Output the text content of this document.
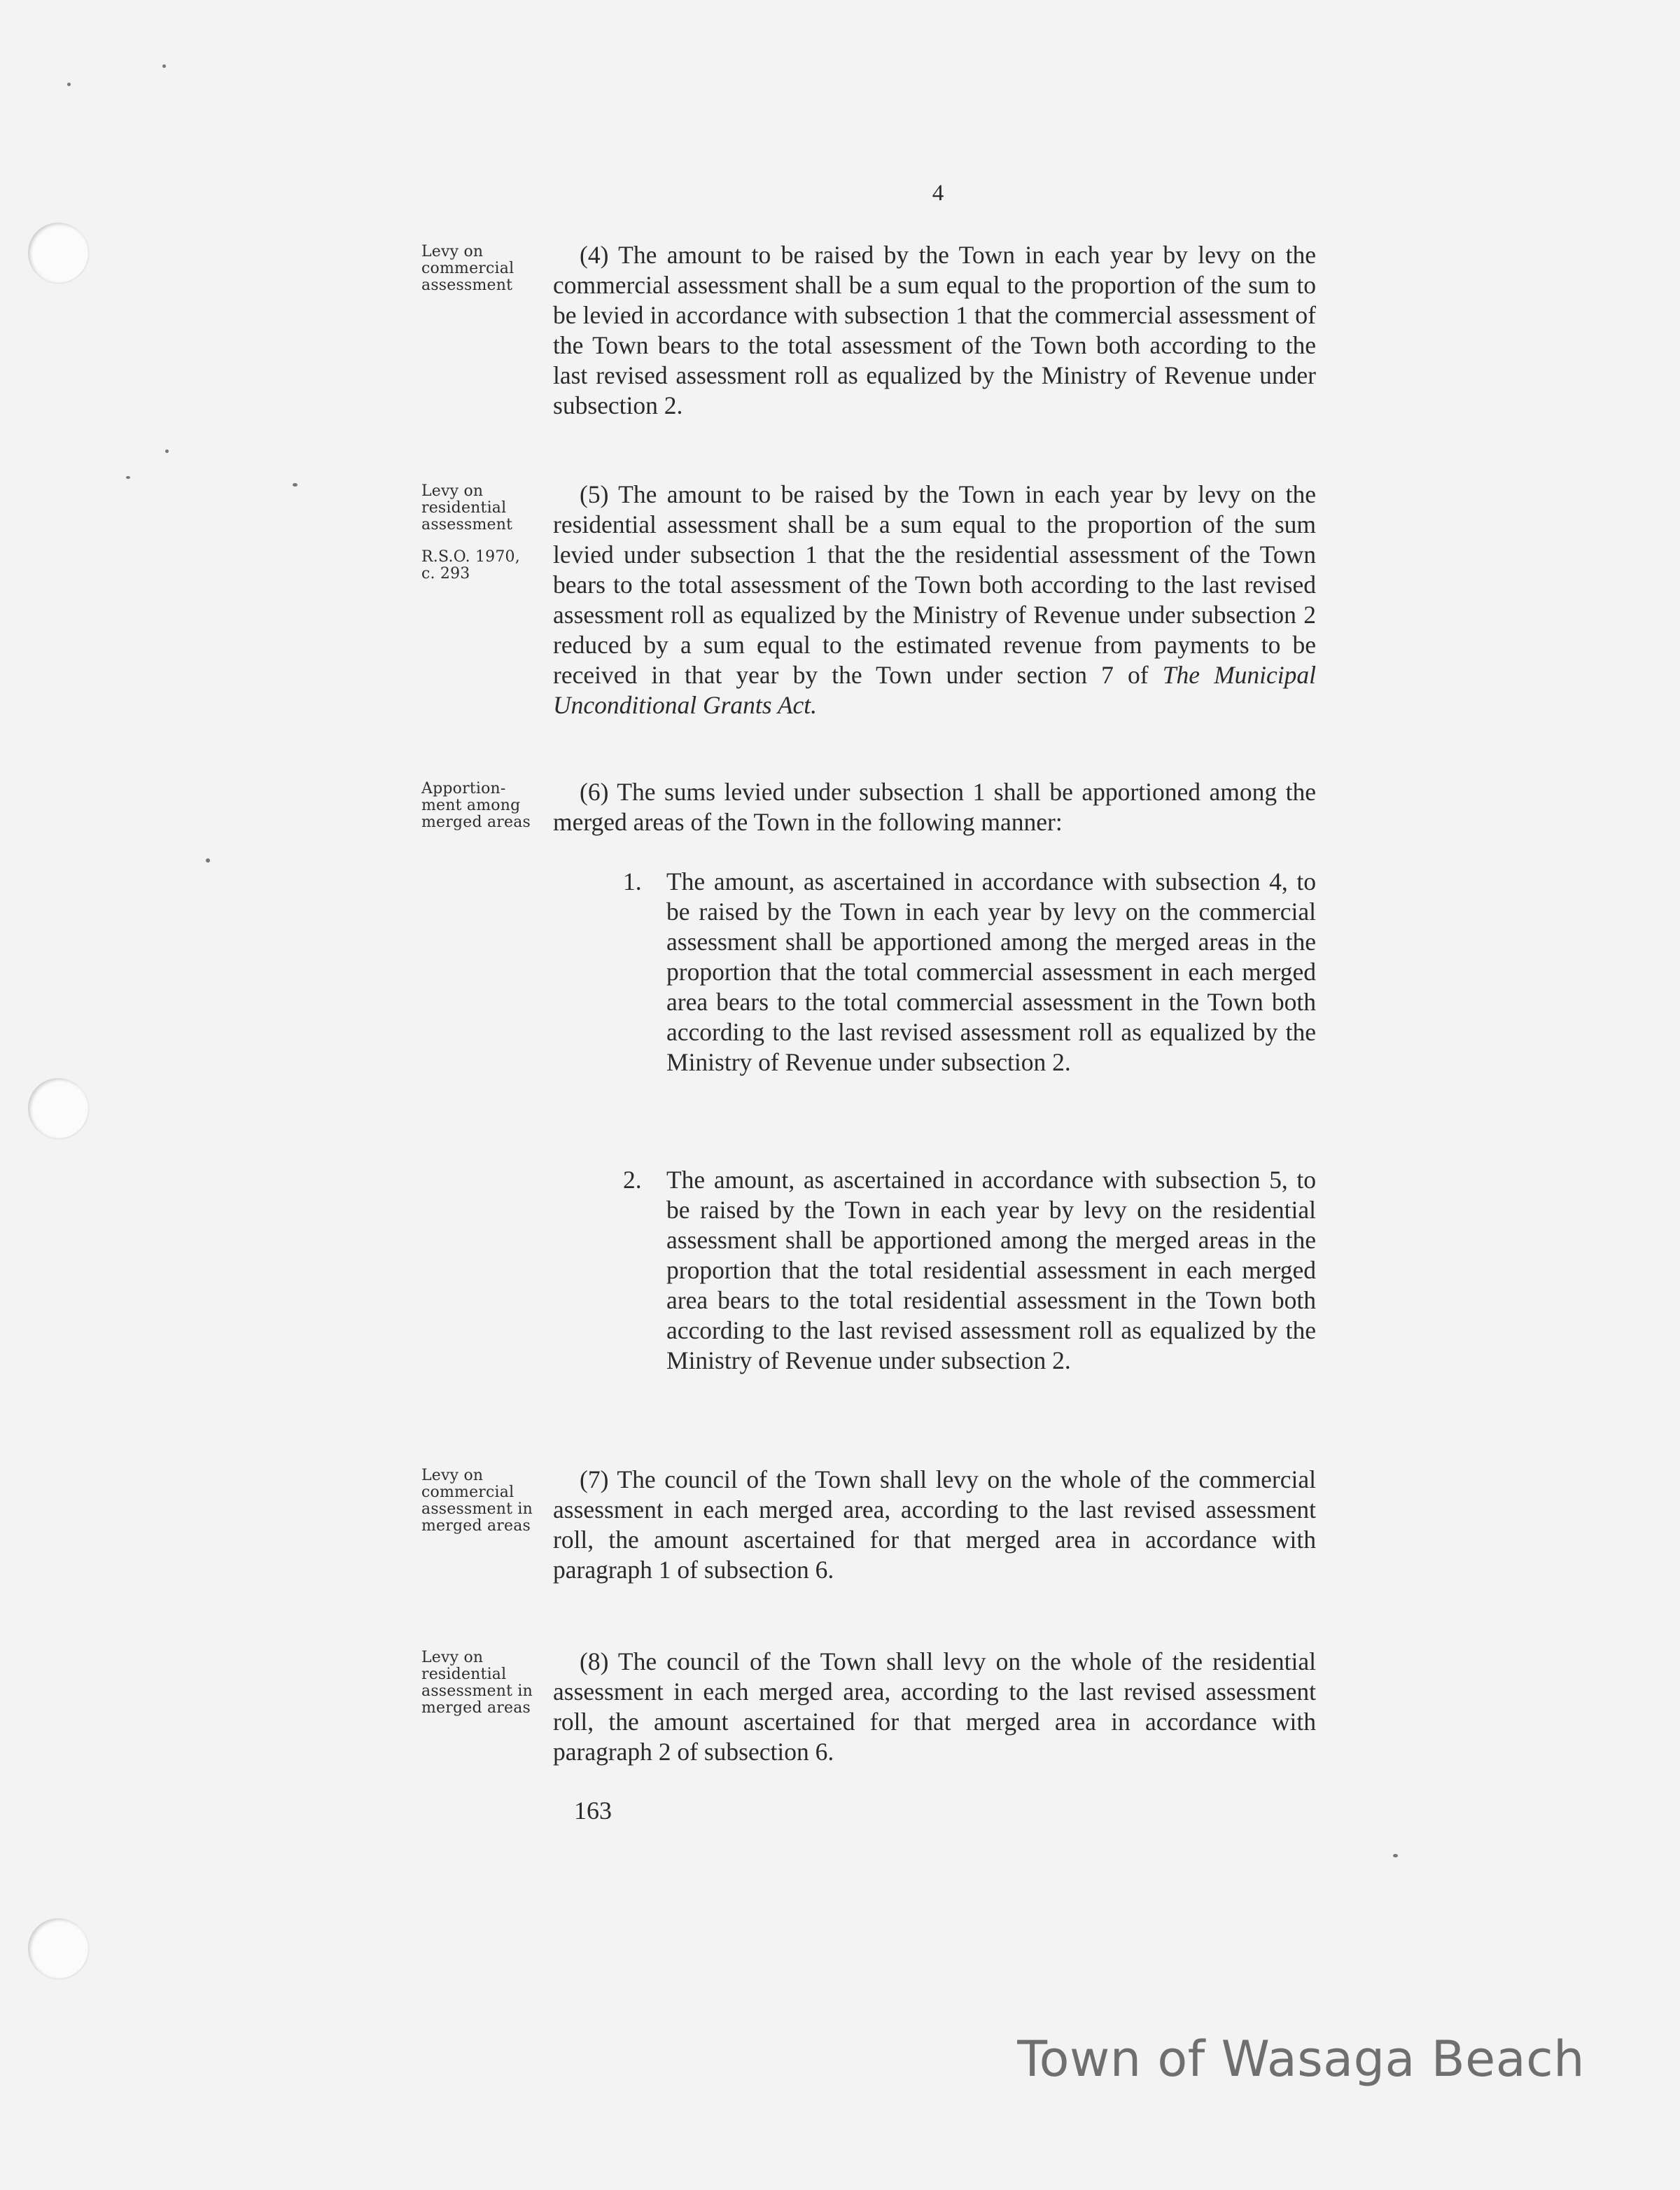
4
Levy on
commercial
assessment
(4) The amount to be raised by the Town in each year by levy on the commercial assessment shall be a sum equal to the proportion of the sum to be levied in accordance with subsection 1 that the commercial assessment of the Town bears to the total assessment of the Town both according to the last revised assessment roll as equalized by the Ministry of Revenue under subsection 2.
Levy on
residential
assessment
R.S.O. 1970,
c. 293
(5) The amount to be raised by the Town in each year by levy on the residential assessment shall be a sum equal to the proportion of the sum levied under subsection 1 that the the residential assessment of the Town bears to the total assessment of the Town both according to the last revised assessment roll as equalized by the Ministry of Revenue under subsection 2 reduced by a sum equal to the estimated revenue from payments to be received in that year by the Town under section 7 of The Municipal Unconditional Grants Act.
Apportion-
ment among
merged areas
(6) The sums levied under subsection 1 shall be apportioned among the merged areas of the Town in the following manner:
1. The amount, as ascertained in accordance with subsection 4, to be raised by the Town in each year by levy on the commercial assessment shall be apportioned among the merged areas in the proportion that the total commercial assessment in each merged area bears to the total commercial assessment in the Town both according to the last revised assessment roll as equalized by the Ministry of Revenue under subsection 2.
2. The amount, as ascertained in accordance with subsection 5, to be raised by the Town in each year by levy on the residential assessment shall be apportioned among the merged areas in the proportion that the total residential assessment in each merged area bears to the total residential assessment in the Town both according to the last revised assessment roll as equalized by the Ministry of Revenue under subsection 2.
Levy on
commercial
assessment in
merged areas
(7) The council of the Town shall levy on the whole of the commercial assessment in each merged area, according to the last revised assessment roll, the amount ascertained for that merged area in accordance with paragraph 1 of subsection 6.
Levy on
residential
assessment in
merged areas
(8) The council of the Town shall levy on the whole of the residential assessment in each merged area, according to the last revised assessment roll, the amount ascertained for that merged area in accordance with paragraph 2 of subsection 6.
163
Town of Wasaga Beach
